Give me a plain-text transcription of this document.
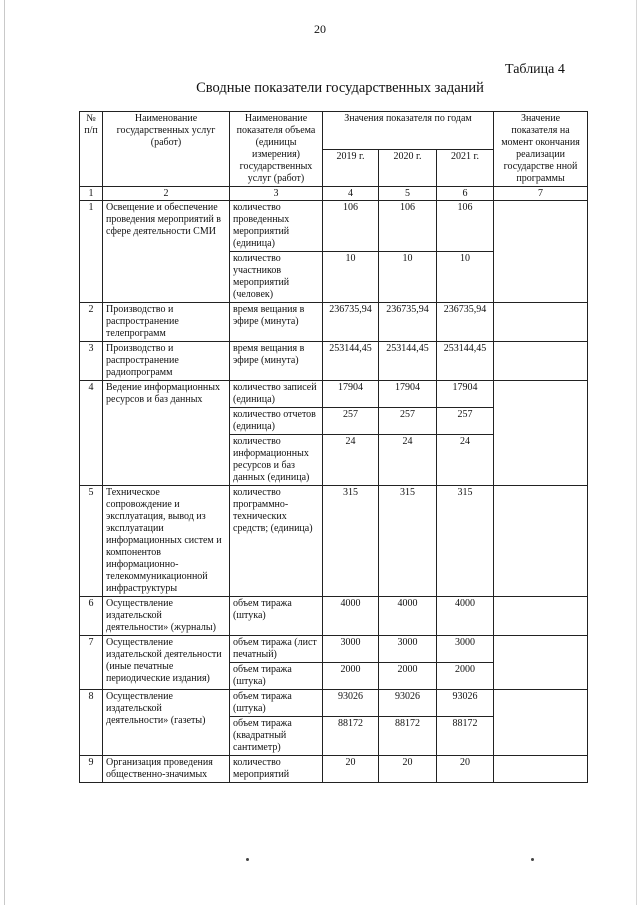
20
Таблица 4
Сводные показатели государственных заданий
№ п/п	Наименование государственных услуг (работ)	Наименование показателя объема (единицы измерения) государственных услуг (работ)	Значения показателя по годам			Значение показателя на момент окончания реализации государстве нной программы
			2019 г.	2020 г.	2021 г.	
1	2	3	4	5	6	7
1	Освещение и обеспечение проведения мероприятий в сфере деятельности СМИ	количество проведенных мероприятий (единица)	106	106	106	
		количество участников мероприятий (человек)	10	10	10	
2	Производство и распространение телепрограмм	время вещания в эфире (минута)	236735,94	236735,94	236735,94	
3	Производство и распространение радиопрограмм	время вещания в эфире (минута)	253144,45	253144,45	253144,45	
4	Ведение информационных ресурсов и баз данных	количество записей (единица)	17904	17904	17904	
		количество отчетов (единица)	257	257	257	
		количество информационных ресурсов и баз данных (единица)	24	24	24	
5	Техническое сопровождение и эксплуатация, вывод из эксплуатации информационных систем и компонентов информационно-телекоммуникационной инфраструктуры	количество программно-технических средств; (единица)	315	315	315	
6	Осуществление издательской деятельности» (журналы)	объем тиража (штука)	4000	4000	4000	
7	Осуществление издательской деятельности (иные печатные периодические издания)	объем тиража (лист печатный)	3000	3000	3000	
		объем тиража (штука)	2000	2000	2000	
8	Осуществление издательской деятельности» (газеты)	объем тиража (штука)	93026	93026	93026	
		объем тиража (квадратный сантиметр)	88172	88172	88172	
9	Организация проведения общественно-значимых	количество мероприятий	20	20	20	
